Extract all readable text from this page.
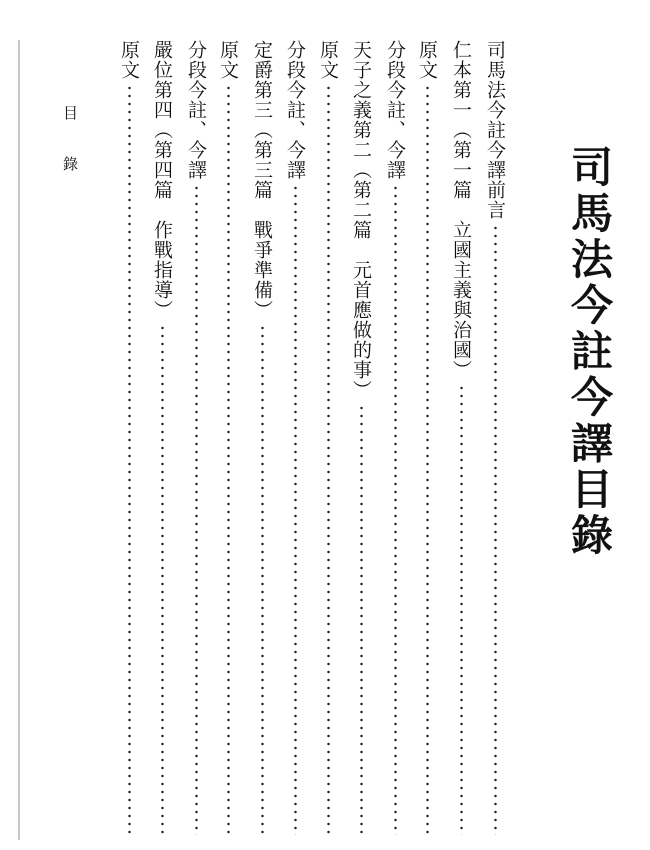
司馬法今註今譯目錄
目錄	司馬法今註今譯前言
仁本第一（第一篇　立國主義與治國）
原文
分段今註、今譯
天子之義第二（第二篇　元首應做的事）
原文
分段今註、今譯
定爵第三（第三篇　戰爭準備）
原文
分段今註、今譯
嚴位第四（第四篇　作戰指導）
原文
